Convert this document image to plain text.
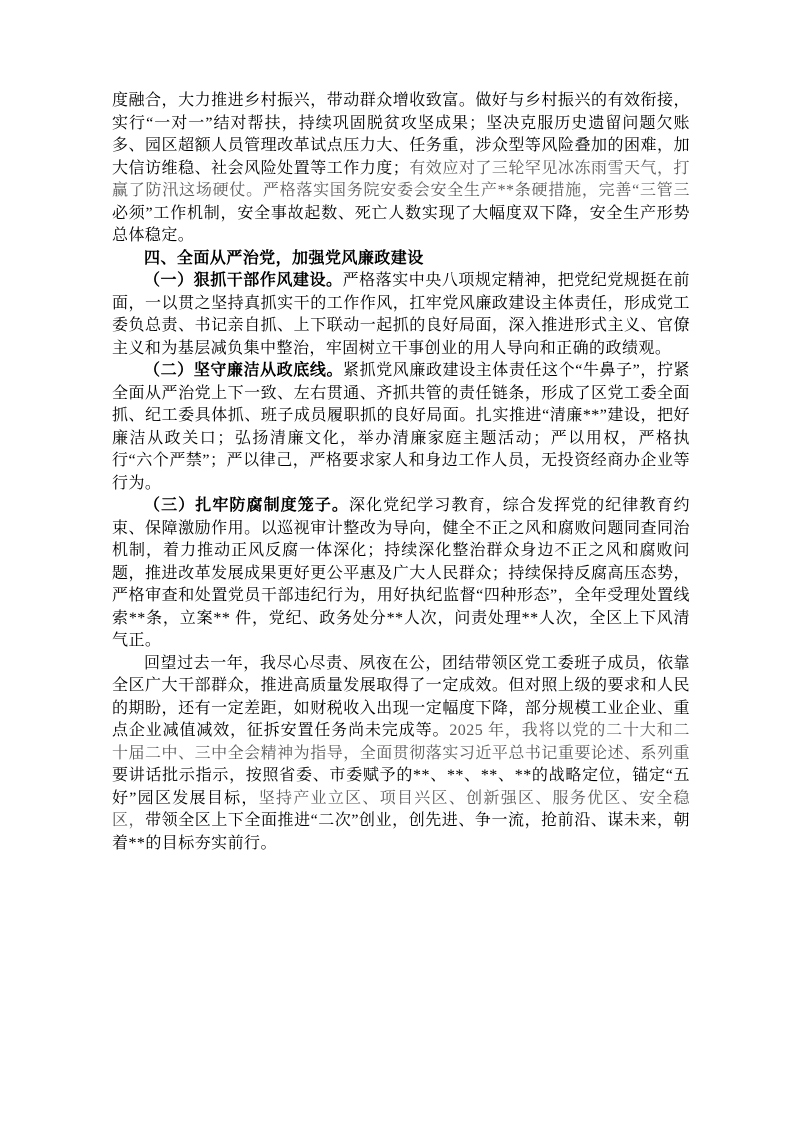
度融合，大力推进乡村振兴，带动群众增收致富。做好与乡村振兴的有效衔接，实行“一对一”结对帮扶，持续巩固脱贫攻坚成果；坚决克服历史遗留问题欠账多、园区超额人员管理改革试点压力大、任务重，涉众型等风险叠加的困难，加大信访维稳、社会风险处置等工作力度；有效应对了三轮罕见冰冻雨雪天气，打赢了防汛这场硬仗。严格落实国务院安委会安全生产**条硬措施，完善“三管三必须”工作机制，安全事故起数、死亡人数实现了大幅度双下降，安全生产形势总体稳定。

四、全面从严治党，加强党风廉政建设

（一）狠抓干部作风建设。严格落实中央八项规定精神，把党纪党规挺在前面，一以贯之坚持真抓实干的工作作风，扛牢党风廉政建设主体责任，形成党工委负总责、书记亲自抓、上下联动一起抓的良好局面，深入推进形式主义、官僚主义和为基层减负集中整治，牢固树立干事创业的用人导向和正确的政绩观。

（二）坚守廉洁从政底线。紧抓党风廉政建设主体责任这个“牛鼻子”，拧紧全面从严治党上下一致、左右贯通、齐抓共管的责任链条，形成了区党工委全面抓、纪工委具体抓、班子成员履职抓的良好局面。扎实推进“清廉**”建设，把好廉洁从政关口；弘扬清廉文化，举办清廉家庭主题活动；严以用权，严格执行“六个严禁”；严以律己，严格要求家人和身边工作人员，无投资经商办企业等行为。

（三）扎牢防腐制度笼子。深化党纪学习教育，综合发挥党的纪律教育约束、保障激励作用。以巡视审计整改为导向，健全不正之风和腐败问题同查同治机制，着力推动正风反腐一体深化；持续深化整治群众身边不正之风和腐败问题，推进改革发展成果更好更公平惠及广大人民群众；持续保持反腐高压态势，严格审查和处置党员干部违纪行为，用好执纪监督“四种形态”，全年受理处置线索**条，立案** 件，党纪、政务处分**人次，问责处理**人次，全区上下风清气正。

回望过去一年，我尽心尽责、夙夜在公，团结带领区党工委班子成员，依靠全区广大干部群众，推进高质量发展取得了一定成效。但对照上级的要求和人民的期盼，还有一定差距，如财税收入出现一定幅度下降，部分规模工业企业、重点企业减值减效，征拆安置任务尚未完成等。2025 年，我将以党的二十大和二十届二中、三中全会精神为指导，全面贯彻落实习近平总书记重要论述、系列重要讲话批示指示，按照省委、市委赋予的**、**、**、**的战略定位，锚定“五好”园区发展目标，坚持产业立区、项目兴区、创新强区、服务优区、安全稳区，带领全区上下全面推进“二次”创业，创先进、争一流，抢前沿、谋未来，朝着**的目标夯实前行。
